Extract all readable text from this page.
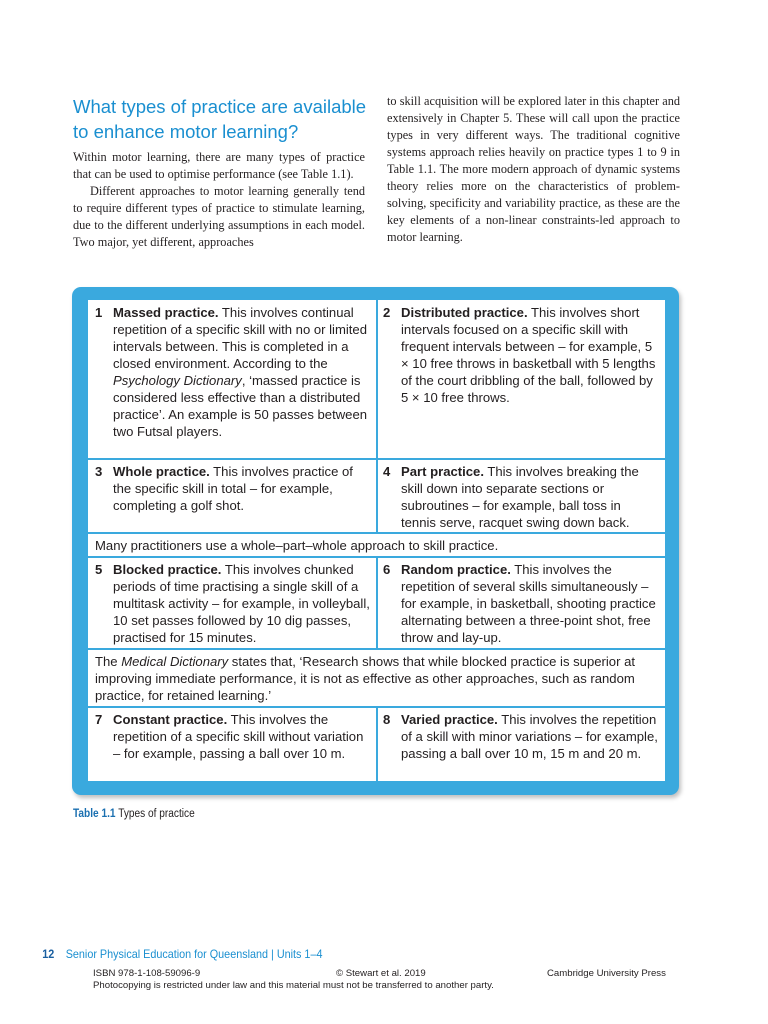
What types of practice are available
to enhance motor learning?

Within motor learning, there are many types of practice that can be used to optimise performance (see Table 1.1).

Different approaches to motor learning generally tend to require different types of practice to stimulate learning, due to the different underlying assumptions in each model. Two major, yet different, approaches

to skill acquisition will be explored later in this chapter and extensively in Chapter 5. These will call upon the practice types in very different ways. The traditional cognitive systems approach relies heavily on practice types 1 to 9 in Table 1.1. The more modern approach of dynamic systems theory relies more on the characteristics of problem-solving, specificity and variability practice, as these are the key elements of a non-linear constraints-led approach to motor learning.

1 Massed practice. This involves continual repetition of a specific skill with no or limited intervals between. This is completed in a closed environment. According to the Psychology Dictionary, ‘massed practice is considered less effective than a distributed practice’. An example is 50 passes between two Futsal players.
2 Distributed practice. This involves short intervals focused on a specific skill with frequent intervals between – for example, 5 × 10 free throws in basketball with 5 lengths of the court dribbling of the ball, followed by 5 × 10 free throws.
3 Whole practice. This involves practice of the specific skill in total – for example, completing a golf shot.
4 Part practice. This involves breaking the skill down into separate sections or subroutines – for example, ball toss in tennis serve, racquet swing down back.
Many practitioners use a whole–part–whole approach to skill practice.
5 Blocked practice. This involves chunked periods of time practising a single skill of a multitask activity – for example, in volleyball, 10 set passes followed by 10 dig passes, practised for 15 minutes.
6 Random practice. This involves the repetition of several skills simultaneously – for example, in basketball, shooting practice alternating between a three-point shot, free throw and lay-up.
The Medical Dictionary states that, ‘Research shows that while blocked practice is superior at improving immediate performance, it is not as effective as other approaches, such as random practice, for retained learning.’
7 Constant practice. This involves the repetition of a specific skill without variation – for example, passing a ball over 10 m.
8 Varied practice. This involves the repetition of a skill with minor variations – for example, passing a ball over 10 m, 15 m and 20 m.
Table 1.1 Types of practice
12 Senior Physical Education for Queensland | Units 1–4
ISBN 978-1-108-59096-9	© Stewart et al. 2019	Cambridge University Press
Photocopying is restricted under law and this material must not be transferred to another party.
